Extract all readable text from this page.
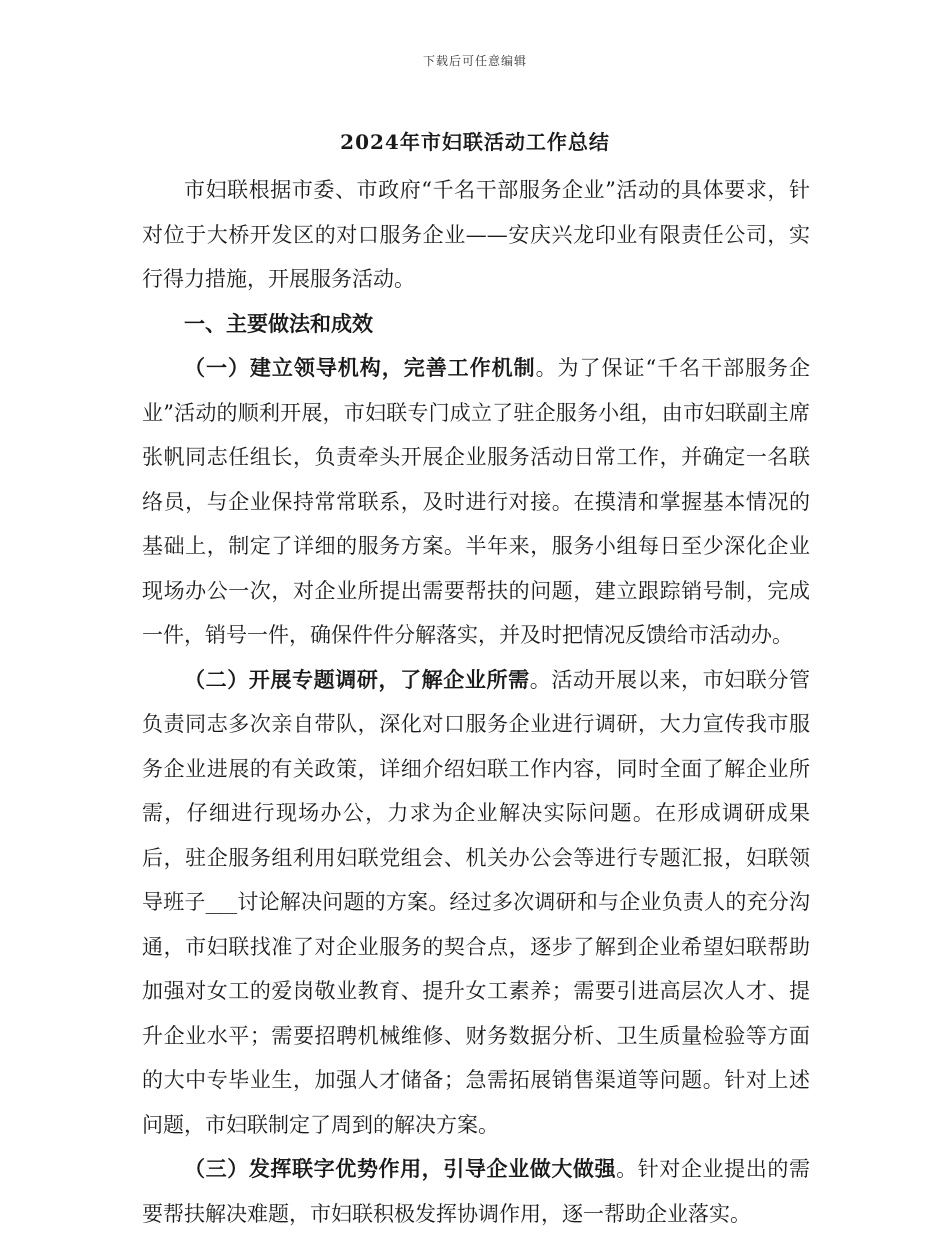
下载后可任意编辑
2024年市妇联活动工作总结

市妇联根据市委、市政府“千名干部服务企业”活动的具体要求，针对位于大桥开发区的对口服务企业——安庆兴龙印业有限责任公司，实行得力措施，开展服务活动。

一、主要做法和成效

（一）建立领导机构，完善工作机制。为了保证“千名干部服务企业”活动的顺利开展，市妇联专门成立了驻企服务小组，由市妇联副主席张帆同志任组长，负责牵头开展企业服务活动日常工作，并确定一名联络员，与企业保持常常联系，及时进行对接。在摸清和掌握基本情况的基础上，制定了详细的服务方案。半年来，服务小组每日至少深化企业现场办公一次，对企业所提出需要帮扶的问题，建立跟踪销号制，完成一件，销号一件，确保件件分解落实，并及时把情况反馈给市活动办。

（二）开展专题调研，了解企业所需。活动开展以来，市妇联分管负责同志多次亲自带队，深化对口服务企业进行调研，大力宣传我市服务企业进展的有关政策，详细介绍妇联工作内容，同时全面了解企业所需，仔细进行现场办公，力求为企业解决实际问题。在形成调研成果后，驻企服务组利用妇联党组会、机关办公会等进行专题汇报，妇联领导班子___讨论解决问题的方案。经过多次调研和与企业负责人的充分沟通，市妇联找准了对企业服务的契合点，逐步了解到企业希望妇联帮助加强对女工的爱岗敬业教育、提升女工素养；需要引进高层次人才、提升企业水平；需要招聘机械维修、财务数据分析、卫生质量检验等方面的大中专毕业生，加强人才储备；急需拓展销售渠道等问题。针对上述问题，市妇联制定了周到的解决方案。

（三）发挥联字优势作用，引导企业做大做强。针对企业提出的需要帮扶解决难题，市妇联积极发挥协调作用，逐一帮助企业落实。
